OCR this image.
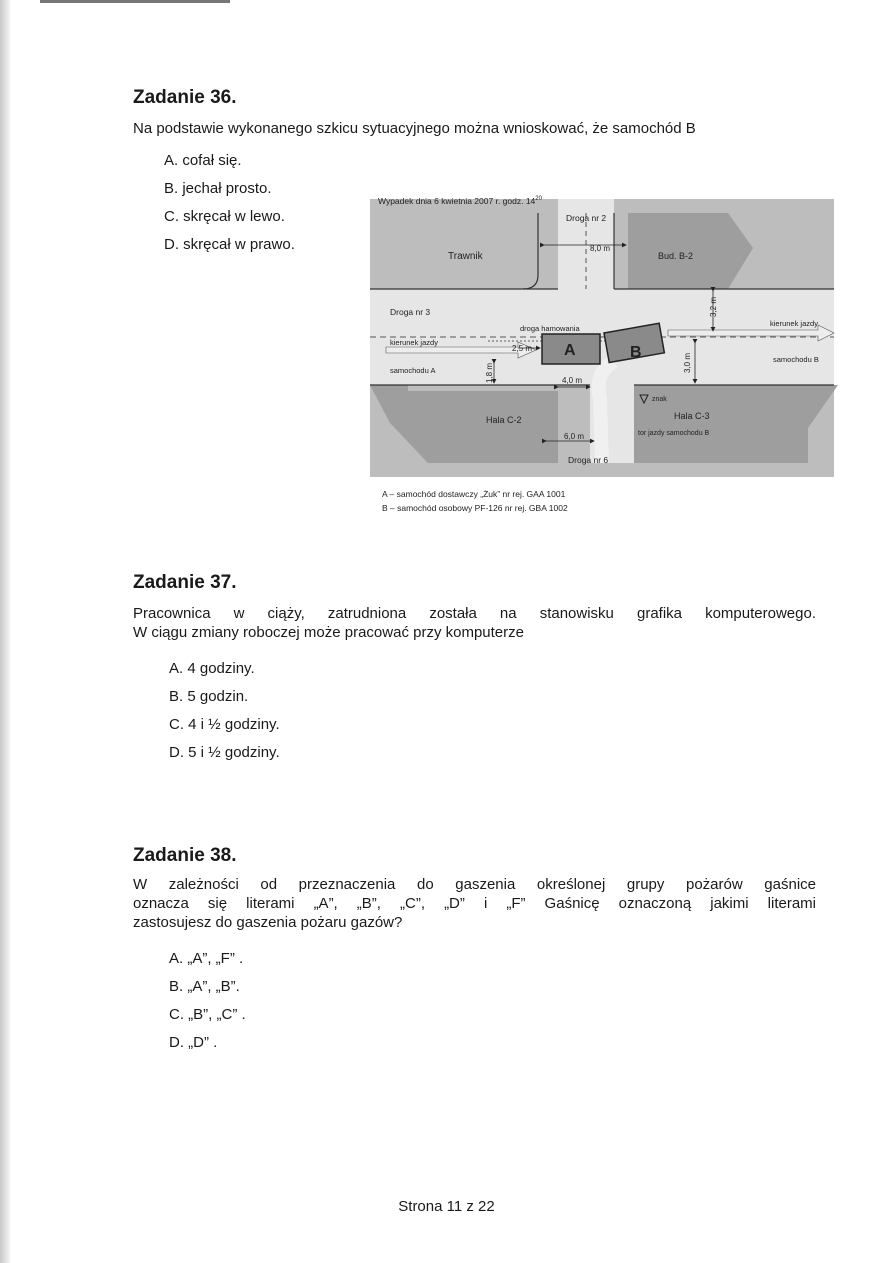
Zadanie 36.

Na podstawie wykonanego szkicu sytuacyjnego można wnioskować, że samochód B

A. cofał się.
B. jechał prosto.
C. skręcał w lewo.
D. skręcał w prawo.
Wypadek dnia 6 kwietnia 2007 r. godz. $14^{20}$
Droga nr 2
Trawnik
8,0 m
Bud. B-2
Droga nr 3	3,2 m
kierunek jazdy
droga hamowania
kierunek jazdy
2,5 m A	B	samochodu B
samochodu A	1,8 m	4,0 m
3,0 m
znak
Hala C-2	Hala C-3
6,0 m	tor jazdy samochodu B
Droga nr 6
A – samochód dostawczy „Żuk” nr rej. GAA 1001
B – samochód osobowy PF-126 nr rej. GBA 1002
Zadanie 37.

Pracownica w ciąży, zatrudniona została na stanowisku grafika komputerowego.
W ciągu zmiany roboczej może pracować przy komputerze

A. 4 godziny.
B. 5 godzin.
C. 4 i ½ godziny.
D. 5 i ½ godziny.
Zadanie 38.

W zależności od przeznaczenia do gaszenia określonej grupy pożarów gaśnice
oznacza się literami „A”, „B”, „C”, „D” i „F” Gaśnicę oznaczoną jakimi literami
zastosujesz do gaszenia pożaru gazów?

A. „A”, „F” .
B. „A”, „B”.
C. „B”, „C” .
D. „D” .
Strona 11 z 22
